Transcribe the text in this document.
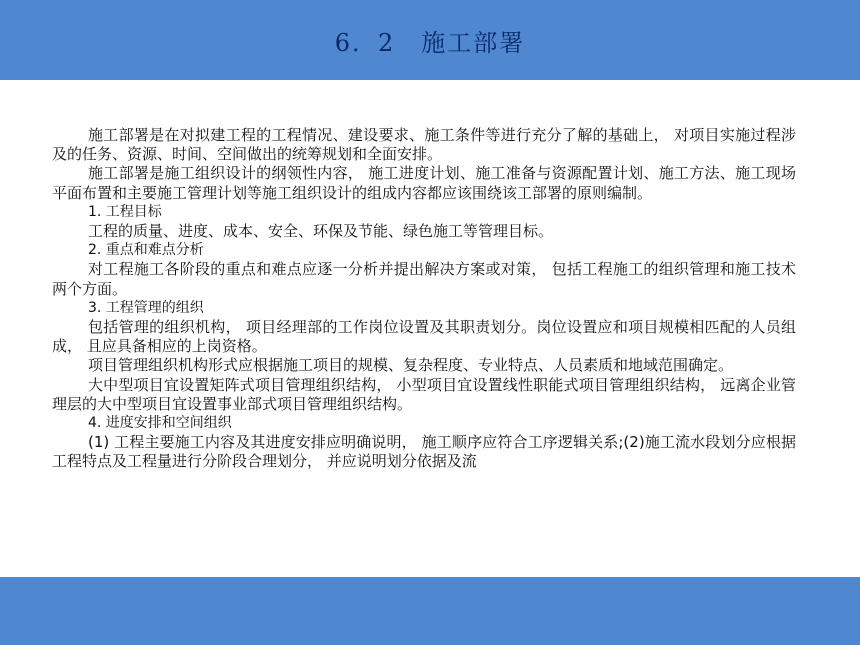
6．2　施工部署

施工部署是在对拟建工程的工程情况、建设要求、施工条件等进行充分了解的基础上， 对项目实施过程涉及的任务、资源、时间、空间做出的统筹规划和全面安排。

施工部署是施工组织设计的纲领性内容， 施工进度计划、施工准备与资源配置计划、施工方法、施工现场平面布置和主要施工管理计划等施工组织设计的组成内容都应该围绕该工部署的原则编制。

1. 工程目标

工程的质量、进度、成本、安全、环保及节能、绿色施工等管理目标。

2. 重点和难点分析

对工程施工各阶段的重点和难点应逐一分析并提出解决方案或对策， 包括工程施工的组织管理和施工技术两个方面。

3. 工程管理的组织

包括管理的组织机构， 项目经理部的工作岗位设置及其职责划分。岗位设置应和项目规模相匹配的人员组成， 且应具备相应的上岗资格。

项目管理组织机构形式应根据施工项目的规模、复杂程度、专业特点、人员素质和地域范围确定。

大中型项目宜设置矩阵式项目管理组织结构， 小型项目宜设置线性职能式项目管理组织结构， 远离企业管理层的大中型项目宜设置事业部式项目管理组织结构。

4. 进度安排和空间组织

(1) 工程主要施工内容及其进度安排应明确说明， 施工顺序应符合工序逻辑关系;(2)施工流水段划分应根据工程特点及工程量进行分阶段合理划分， 并应说明划分依据及流
